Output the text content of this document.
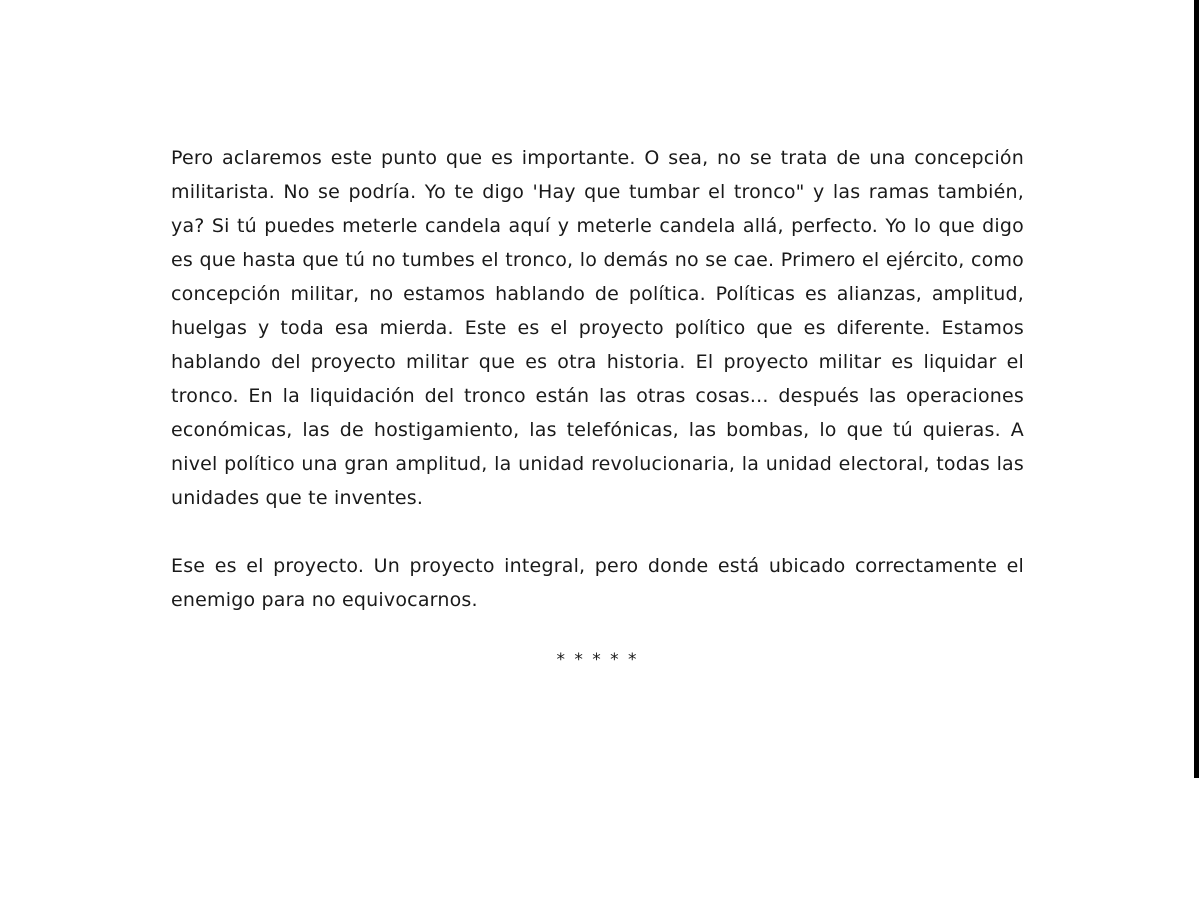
Pero aclaremos este punto que es importante. O sea, no se trata de una concepción militarista. No se podría. Yo te digo 'Hay que tumbar el tronco" y las ramas también, ya? Si tú puedes meterle candela aquí y meterle candela allá, perfecto. Yo lo que digo es que hasta que tú no tumbes el tronco, lo demás no se cae. Primero el ejército, como concepción militar, no estamos hablando de política. Políticas es alianzas, amplitud, huelgas y toda esa mierda. Este es el proyecto político que es diferente. Estamos hablando del proyecto militar que es otra historia. El proyecto militar es liquidar el tronco. En la liquidación del tronco están las otras cosas... después las operaciones económicas, las de hostigamiento, las telefónicas, las bombas, lo que tú quieras. A nivel político una gran amplitud, la unidad revolucionaria, la unidad electoral, todas las unidades que te inventes.

Ese es el proyecto. Un proyecto integral, pero donde está ubicado correctamente el enemigo para no equivocarnos.

* * * * *
